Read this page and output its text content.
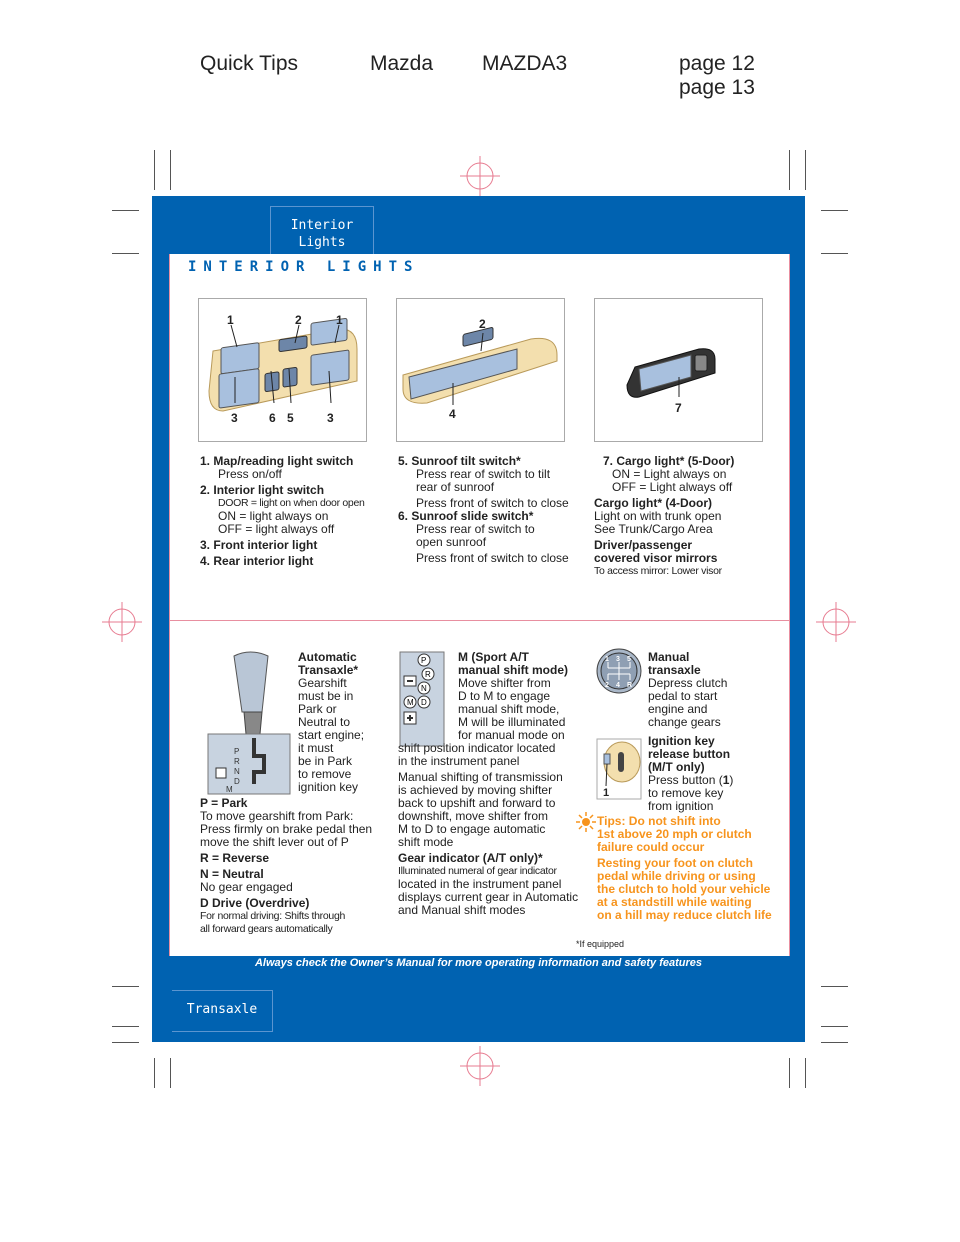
Quick Tips	Mazda MAZDA3	page 12
page 13
Interior
Lights
Transaxle
INTERIOR LIGHTS
1	2	1
3	6 5	3
2
4	7
1. Map/reading light switch
Press on/off
2. Interior light switch
DOOR = light on when door open
ON = light always on
OFF = light always off
3. Front interior light
4. Rear interior light
5. Sunroof tilt switch*
Press rear of switch to tilt
rear of sunroof
Press front of switch to close
6. Sunroof slide switch*
Press rear of switch to
open sunroof
Press front of switch to close
7. Cargo light* (5-Door)
ON = Light always on
OFF = Light always off
Cargo light* (4-Door)
Light on with trunk open
See Trunk/Cargo Area
Driver/passenger
covered visor mirrors
To access mirror: Lower visor
P
R
N
D
M
Automatic
Transaxle*
Gearshift
must be in
Park or
Neutral to
start engine;
it must
be in Park
to remove
ignition key
P = Park
To move gearshift from Park:
Press firmly on brake pedal then
move the shift lever out of P
R = Reverse
N = Neutral
No gear engaged
D Drive (Overdrive)
For normal driving: Shifts through
all forward gears automatically
P
R
N
D
M
M (Sport A/T
manual shift mode)
Move shifter from
D to M to engage
manual shift mode,
M will be illuminated
for manual mode on
shift position indicator located
in the instrument panel
Manual shifting of transmission
is achieved by moving shifter
back to upshift and forward to
downshift, move shifter from
M to D to engage automatic
shift mode
Gear indicator (A/T only)*
Illuminated numeral of gear indicator
located in the instrument panel
displays current gear in Automatic
and Manual shift modes
1 3 5
2 4 R
1
Manual
transaxle
Depress clutch
pedal to start
engine and
change gears
Ignition key
release button
(M/T only)
Press button (1)
to remove key
from ignition
Tips: Do not shift into
1st above 20 mph or clutch
failure could occur
Resting your foot on clutch
pedal while driving or using
the clutch to hold your vehicle
at a standstill while waiting
on a hill may reduce clutch life
*If equipped
Always check the Owner’s Manual for more operating information and safety features
